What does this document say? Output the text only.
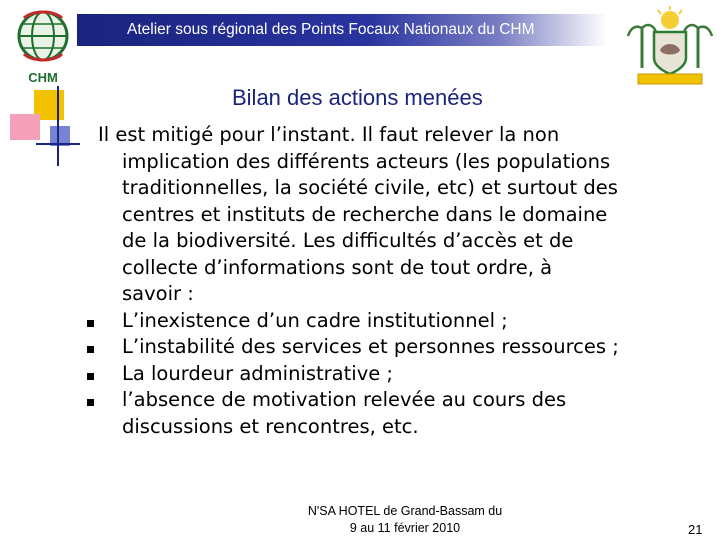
CHM
Atelier sous régional des Points Focaux Nationaux du CHM
Bilan des actions menées

Il est mitigé pour l’instant. Il faut relever la non
implication des différents acteurs (les populations
traditionnelles, la société civile, etc) et surtout des
centres et instituts de recherche dans le domaine
de la biodiversité. Les difficultés d’accès et de
collecte d’informations sont de tout ordre, à
savoir :

L’inexistence d’un cadre institutionnel ;
L’instabilité des services et personnes ressources ;
La lourdeur administrative ;
l’absence de motivation relevée au cours des
discussions et rencontres, etc.
N'SA HOTEL de Grand-Bassam du
9 au 11 février 2010	21
